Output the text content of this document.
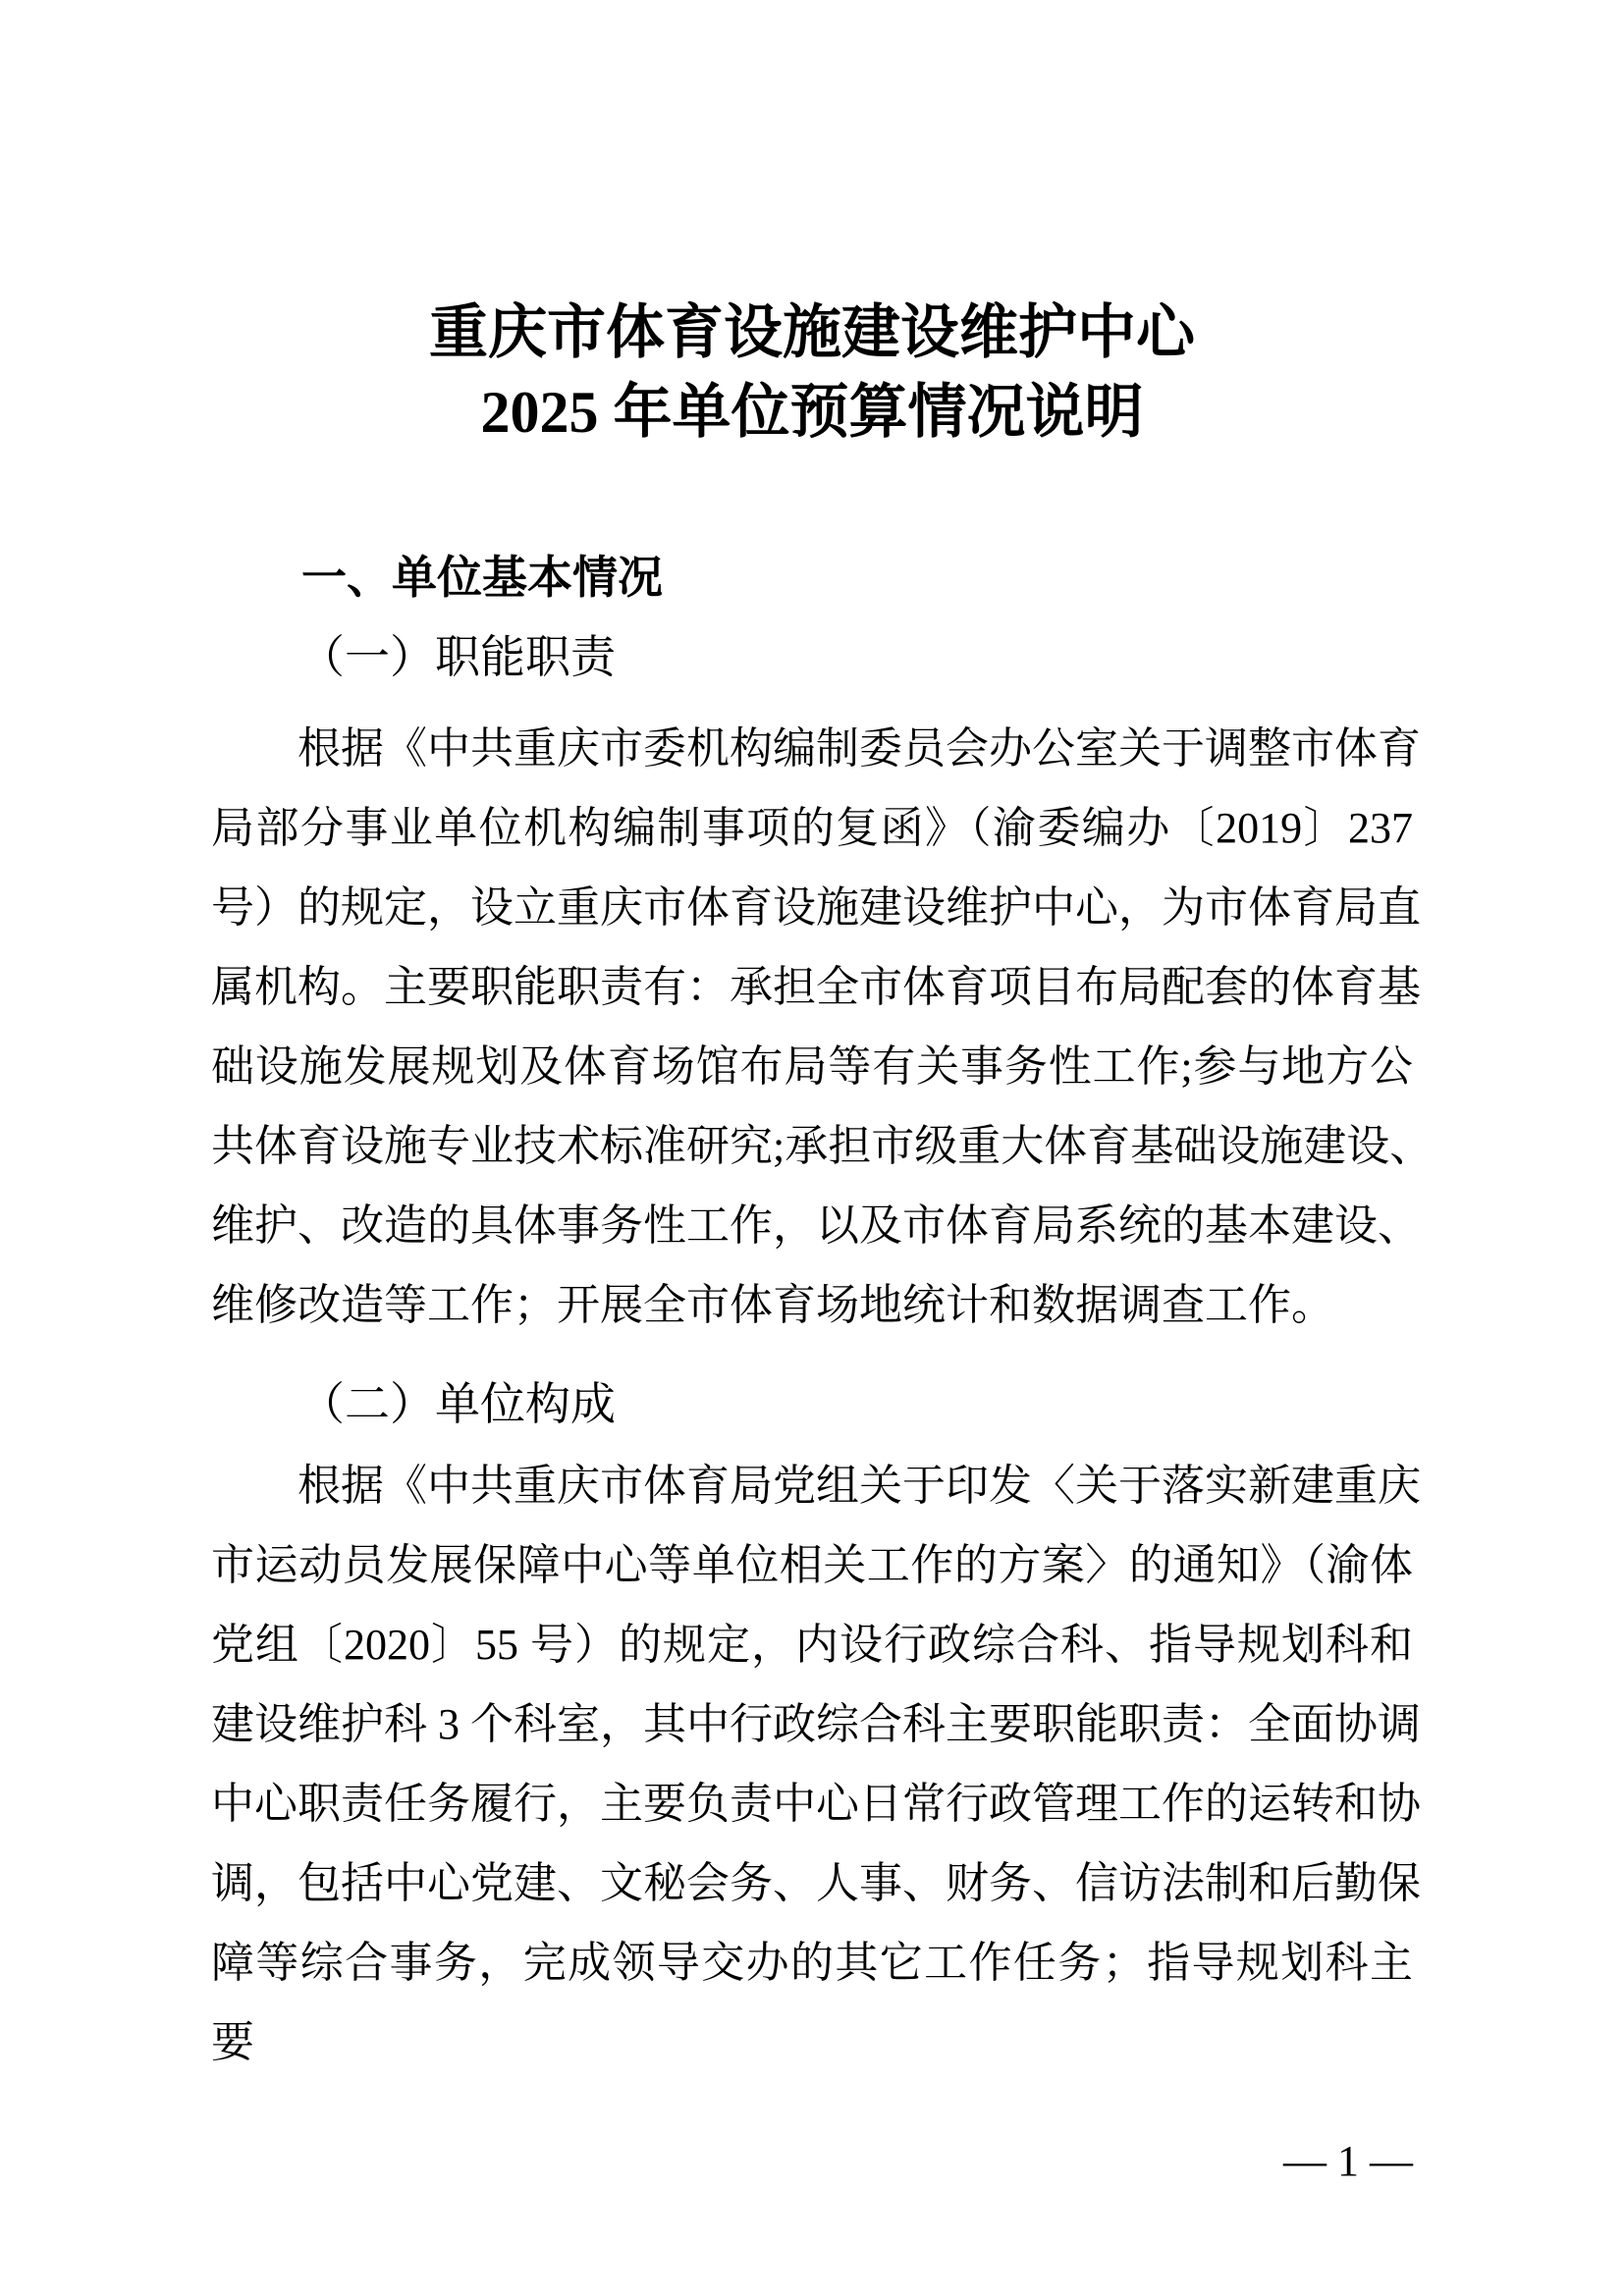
重庆市体育设施建设维护中心
2025 年单位预算情况说明
一、单位基本情况
（一）职能职责
根据《中共重庆市委机构编制委员会办公室关于调整市体育
局部分事业单位机构编制事项的复函》（渝委编办〔2019〕237
号）的规定，设立重庆市体育设施建设维护中心，为市体育局直
属机构。主要职能职责有：承担全市体育项目布局配套的体育基
础设施发展规划及体育场馆布局等有关事务性工作;参与地方公
共体育设施专业技术标准研究;承担市级重大体育基础设施建设、
维护、改造的具体事务性工作，以及市体育局系统的基本建设、
维修改造等工作；开展全市体育场地统计和数据调查工作。
（二）单位构成
根据《中共重庆市体育局党组关于印发〈关于落实新建重庆
市运动员发展保障中心等单位相关工作的方案〉的通知》（渝体
党组〔2020〕55 号）的规定，内设行政综合科、指导规划科和
建设维护科 3 个科室，其中行政综合科主要职能职责：全面协调
中心职责任务履行，主要负责中心日常行政管理工作的运转和协
调，包括中心党建、文秘会务、人事、财务、信访法制和后勤保
障等综合事务，完成领导交办的其它工作任务；指导规划科主要
— 1 —
